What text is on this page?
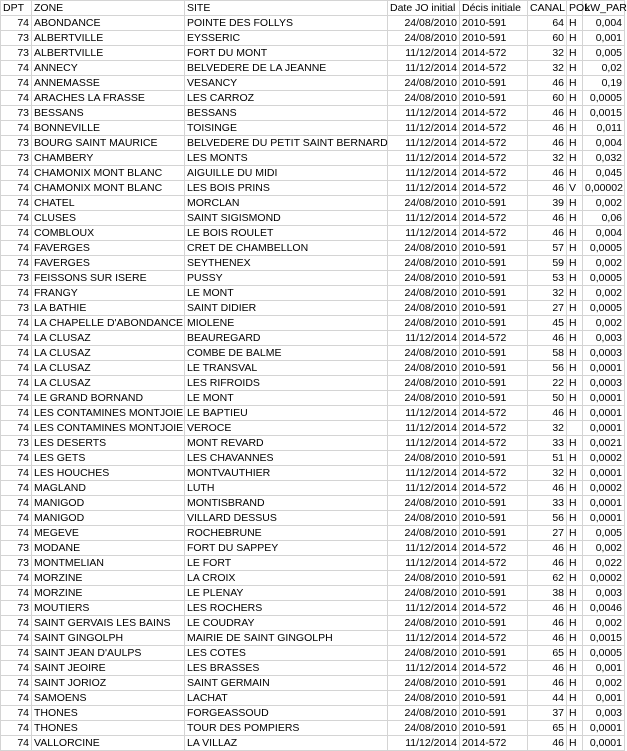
DPT	ZONE	SITE	Date JO initial	Décis initiale	CANAL	POL	kW_PAR
74	ABONDANCE	POINTE DES FOLLYS	24/08/2010	2010-591	64	H	0,004
73	ALBERTVILLE	EYSSERIC	24/08/2010	2010-591	60	H	0,001
73	ALBERTVILLE	FORT DU MONT	11/12/2014	2014-572	32	H	0,005
74	ANNECY	BELVEDERE DE LA JEANNE	11/12/2014	2014-572	32	H	0,02
74	ANNEMASSE	VESANCY	24/08/2010	2010-591	46	H	0,19
74	ARACHES LA FRASSE	LES CARROZ	24/08/2010	2010-591	60	H	0,0005
73	BESSANS	BESSANS	11/12/2014	2014-572	46	H	0,0015
74	BONNEVILLE	TOISINGE	11/12/2014	2014-572	46	H	0,011
73	BOURG SAINT MAURICE	BELVEDERE DU PETIT SAINT BERNARD	11/12/2014	2014-572	46	H	0,004
73	CHAMBERY	LES MONTS	11/12/2014	2014-572	32	H	0,032
74	CHAMONIX MONT BLANC	AIGUILLE DU MIDI	11/12/2014	2014-572	46	H	0,045
74	CHAMONIX MONT BLANC	LES BOIS PRINS	11/12/2014	2014-572	46	V	0,00002
74	CHATEL	MORCLAN	24/08/2010	2010-591	39	H	0,002
74	CLUSES	SAINT SIGISMOND	11/12/2014	2014-572	46	H	0,06
74	COMBLOUX	LE BOIS ROULET	11/12/2014	2014-572	46	H	0,004
74	FAVERGES	CRET DE CHAMBELLON	24/08/2010	2010-591	57	H	0,0005
74	FAVERGES	SEYTHENEX	24/08/2010	2010-591	59	H	0,002
73	FEISSONS SUR ISERE	PUSSY	24/08/2010	2010-591	53	H	0,0005
74	FRANGY	LE MONT	24/08/2010	2010-591	32	H	0,002
73	LA BATHIE	SAINT DIDIER	24/08/2010	2010-591	27	H	0,0005
74	LA CHAPELLE D'ABONDANCE	MIOLENE	24/08/2010	2010-591	45	H	0,002
74	LA CLUSAZ	BEAUREGARD	11/12/2014	2014-572	46	H	0,003
74	LA CLUSAZ	COMBE DE BALME	24/08/2010	2010-591	58	H	0,0003
74	LA CLUSAZ	LE TRANSVAL	24/08/2010	2010-591	56	H	0,0001
74	LA CLUSAZ	LES RIFROIDS	24/08/2010	2010-591	22	H	0,0003
74	LE GRAND BORNAND	LE MONT	24/08/2010	2010-591	50	H	0,0001
74	LES CONTAMINES MONTJOIE	LE BAPTIEU	11/12/2014	2014-572	46	H	0,0001
74	LES CONTAMINES MONTJOIE	VEROCE	11/12/2014	2014-572	32		0,0001
73	LES DESERTS	MONT REVARD	11/12/2014	2014-572	33	H	0,0021
74	LES GETS	LES CHAVANNES	24/08/2010	2010-591	51	H	0,0002
74	LES HOUCHES	MONTVAUTHIER	11/12/2014	2014-572	32	H	0,0001
74	MAGLAND	LUTH	11/12/2014	2014-572	46	H	0,0002
74	MANIGOD	MONTISBRAND	24/08/2010	2010-591	33	H	0,0001
74	MANIGOD	VILLARD DESSUS	24/08/2010	2010-591	56	H	0,0001
74	MEGEVE	ROCHEBRUNE	24/08/2010	2010-591	27	H	0,005
73	MODANE	FORT DU SAPPEY	11/12/2014	2014-572	46	H	0,002
73	MONTMELIAN	LE FORT	11/12/2014	2014-572	46	H	0,022
74	MORZINE	LA CROIX	24/08/2010	2010-591	62	H	0,0002
74	MORZINE	LE PLENAY	24/08/2010	2010-591	38	H	0,003
73	MOUTIERS	LES ROCHERS	11/12/2014	2014-572	46	H	0,0046
74	SAINT GERVAIS LES BAINS	LE COUDRAY	24/08/2010	2010-591	46	H	0,002
74	SAINT GINGOLPH	MAIRIE DE SAINT GINGOLPH	11/12/2014	2014-572	46	H	0,0015
74	SAINT JEAN D'AULPS	LES COTES	24/08/2010	2010-591	65	H	0,0005
74	SAINT JEOIRE	LES BRASSES	11/12/2014	2014-572	46	H	0,001
74	SAINT JORIOZ	SAINT GERMAIN	24/08/2010	2010-591	46	H	0,002
74	SAMOENS	LACHAT	24/08/2010	2010-591	44	H	0,001
74	THONES	FORGEASSOUD	24/08/2010	2010-591	37	H	0,003
74	THONES	TOUR DES POMPIERS	24/08/2010	2010-591	65	H	0,0001
74	VALLORCINE	LA VILLAZ	11/12/2014	2014-572	46	H	0,0001
